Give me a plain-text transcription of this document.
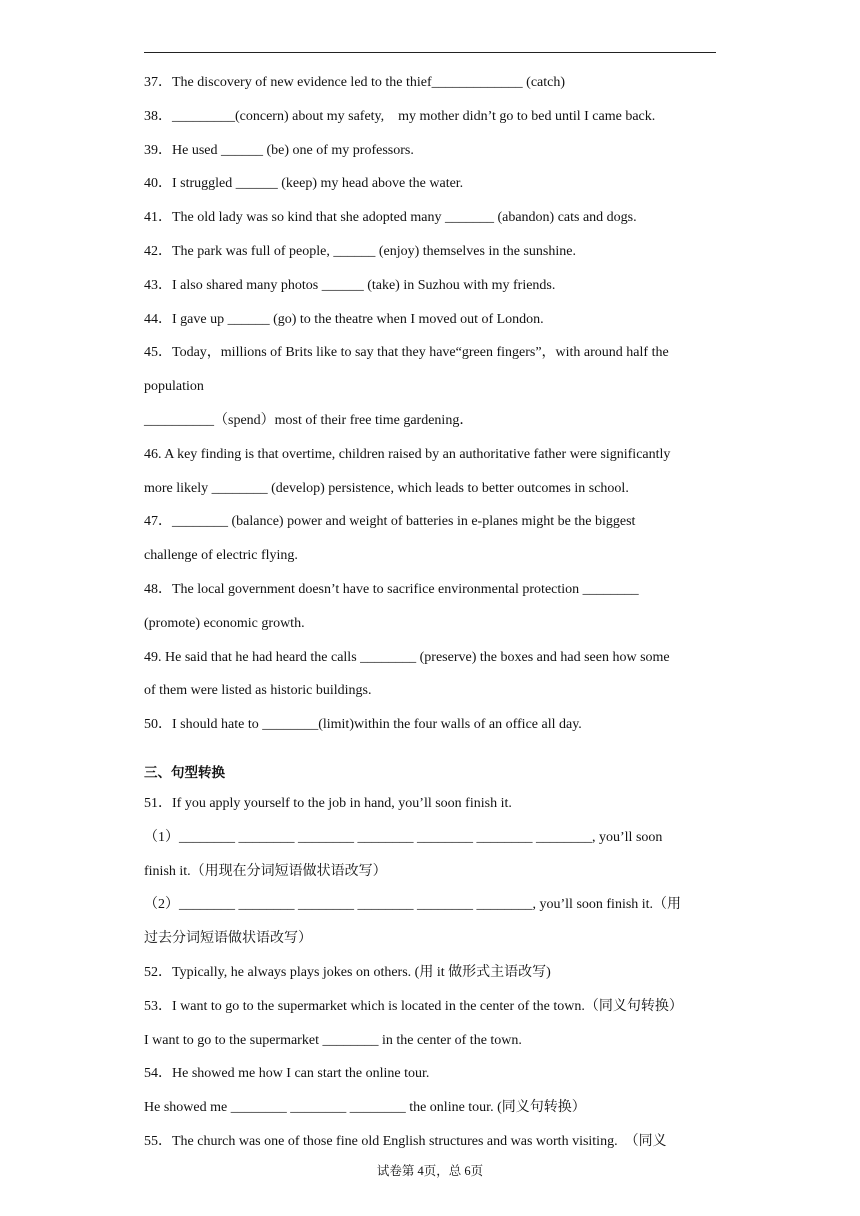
37．The discovery of new evidence led to the thief_____________ (catch)
38．_________(concern) about my safety,    my mother didn’t go to bed until I came back.
39．He used ______ (be) one of my professors.
40．I struggled ______ (keep) my head above the water.
41．The old lady was so kind that she adopted many _______ (abandon) cats and dogs.
42．The park was full of people, ______ (enjoy) themselves in the sunshine.
43．I also shared many photos ______ (take) in Suzhou with my friends.
44．I gave up ______ (go) to the theatre when I moved out of London.
45．Today，millions of Brits like to say that they have“green fingers”，with around half the
population
__________（spend）most of their free time gardening．
46. A key finding is that overtime, children raised by an authoritative father were significantly
more likely ________ (develop) persistence, which leads to better outcomes in school.
47．________ (balance) power and weight of batteries in e-planes might be the biggest
challenge of electric flying.
48．The local government doesn’t have to sacrifice environmental protection ________
(promote) economic growth.
49. He said that he had heard the calls ________ (preserve) the boxes and had seen how some
of them were listed as historic buildings.
50．I should hate to ________(limit)within the four walls of an office all day.
三、句型转换
51．If you apply yourself to the job in hand, you’ll soon finish it.
（1）________ ________ ________ ________ ________ ________ ________, you’ll soon
finish it.（用现在分词短语做状语改写）
（2）________ ________ ________ ________ ________ ________, you’ll soon finish it.（用
过去分词短语做状语改写）
52．Typically, he always plays jokes on others. (用 it 做形式主语改写)
53．I want to go to the supermarket which is located in the center of the town.（同义句转换）
I want to go to the supermarket ________ in the center of the town.
54．He showed me how I can start the online tour.
He showed me ________ ________ ________ the online tour. (同义句转换）
55．The church was one of those fine old English structures and was worth visiting.  （同义
试卷第 4页，总 6页
